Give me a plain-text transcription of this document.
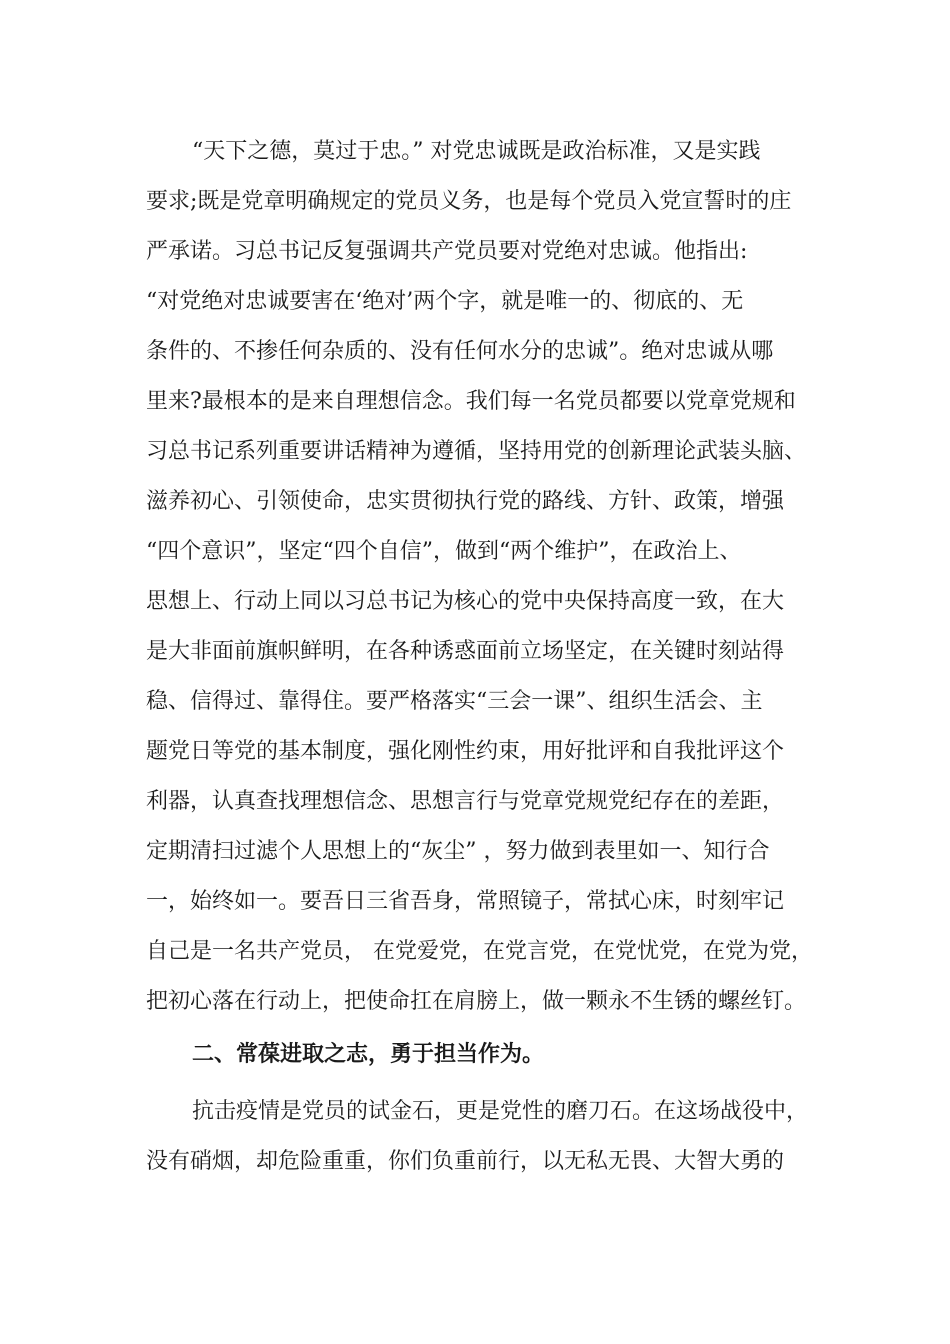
“天下之德，莫过于忠。” 对党忠诚既是政治标准，又是实践
要求;既是党章明确规定的党员义务，也是每个党员入党宣誓时的庄
严承诺。习总书记反复强调共产党员要对党绝对忠诚。他指出:
“对党绝对忠诚要害在‘绝对’两个字，就是唯一的、彻底的、无
条件的、不掺任何杂质的、没有任何水分的忠诚”。绝对忠诚从哪
里来?最根本的是来自理想信念。我们每一名党员都要以党章党规和
习总书记系列重要讲话精神为遵循，坚持用党的创新理论武装头脑、
滋养初心、引领使命，忠实贯彻执行党的路线、方针、政策，增强
“四个意识”，坚定“四个自信”，做到“两个维护”，在政治上、
思想上、行动上同以习总书记为核心的党中央保持高度一致，在大
是大非面前旗帜鲜明，在各种诱惑面前立场坚定，在关键时刻站得
稳、信得过、靠得住。要严格落实“三会一课”、组织生活会、主
题党日等党的基本制度，强化刚性约束，用好批评和自我批评这个
利器，认真查找理想信念、思想言行与党章党规党纪存在的差距，
定期清扫过滤个人思想上的“灰尘” ，努力做到表里如一、知行合
一，始终如一。要吾日三省吾身，常照镜子，常拭心床，时刻牢记
自己是一名共产党员， 在党爱党，在党言党，在党忧党，在党为党，
把初心落在行动上，把使命扛在肩膀上，做一颗永不生锈的螺丝钉。
二、常葆进取之志，勇于担当作为。
抗击疫情是党员的试金石，更是党性的磨刀石。在这场战役中，
没有硝烟，却危险重重，你们负重前行，以无私无畏、大智大勇的
